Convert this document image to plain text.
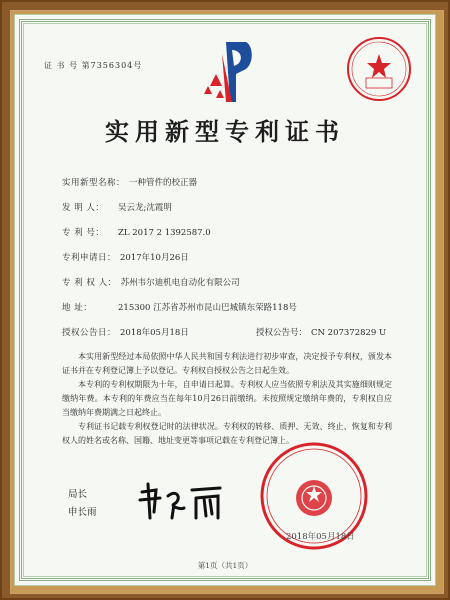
证 书 号 第7356304号
实用新型专利证书
实用新型名称： 一种管件的校正器
发 明 人： 吴云龙;沈霞明
专 利 号： ZL 2017 2 1392587.0
专利申请日： 2017年10月26日
专 利 权 人： 苏州韦尔迪机电自动化有限公司
地 址：	215300 江苏省苏州市昆山巴城镇东荣路118号
授权公告日： 2018年05月18日	授权公告号： CN 207372829 U
本实用新型经过本局依照中华人民共和国专利法进行初步审查，决定授予专利权，颁发本证书并在专利登记簿上予以登记。专利权自授权公告之日起生效。
本专利的专利权期限为十年，自申请日起算。专利权人应当依照专利法及其实施细则规定缴纳年费。本专利的年费应当在每年10月26日前缴纳。未按照规定缴纳年费的，专利权自应当缴纳年费期满之日起终止。
专利证书记载专利权登记时的法律状况。专利权的转移、质押、无效、终止、恢复和专利权人的姓名或名称、国籍、地址变更等事项记载在专利登记簿上。
局长
申长雨
2018年05月18日
第1页（共1页）
